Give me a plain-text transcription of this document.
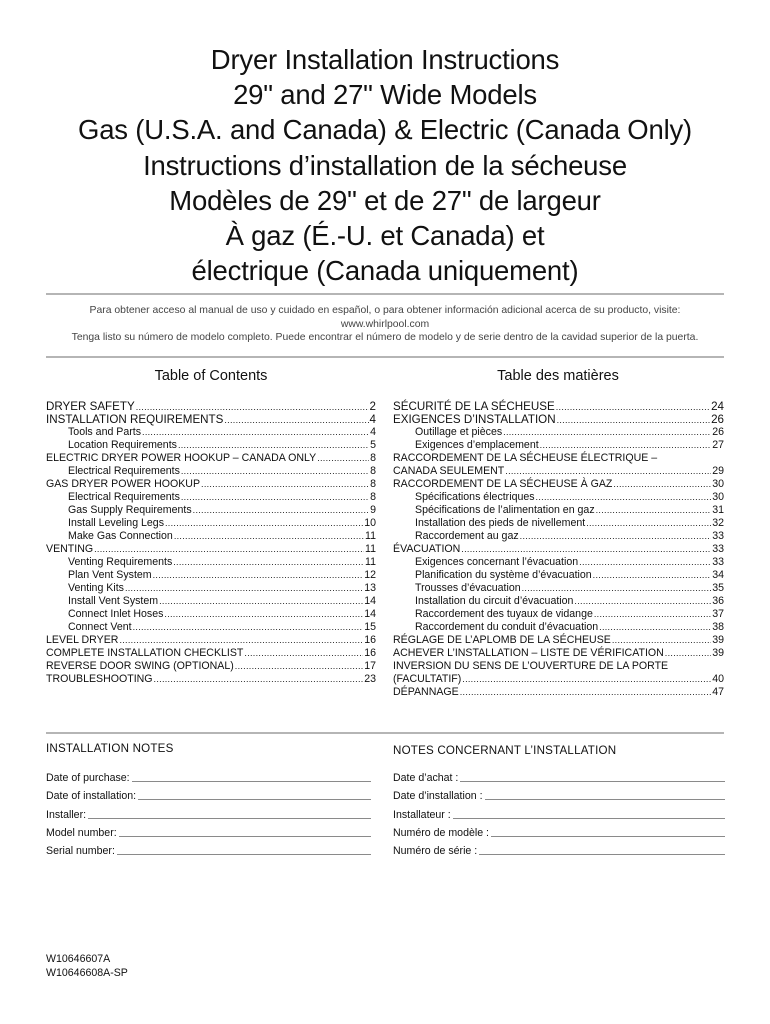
Dryer Installation Instructions
29" and 27" Wide Models
Gas (U.S.A. and Canada) & Electric (Canada Only)
Instructions d’installation de la sécheuse
Modèles de 29" et de 27" de largeur
À gaz (É.-U. et Canada) et
électrique (Canada uniquement)
Para obtener acceso al manual de uso y cuidado en español, o para obtener información adicional acerca de su producto, visite:
www.whirlpool.com
Tenga listo su número de modelo completo. Puede encontrar el número de modelo y de serie dentro de la cavidad superior de la puerta.
Table of Contents	Table des matières
DRYER SAFETY .....	2
INSTALLATION REQUIREMENTS .....	4
Tools and Parts .....	4
Location Requirements .....	5
ELECTRIC DRYER POWER HOOKUP – CANADA ONLY .....	8
Electrical Requirements .....	8
GAS DRYER POWER HOOKUP .....	8
Electrical Requirements .....	8
Gas Supply Requirements .....	9
Install Leveling Legs .....	10
Make Gas Connection .....	11
VENTING .....	11
Venting Requirements .....	11
Plan Vent System .....	12
Venting Kits .....	13
Install Vent System .....	14
Connect Inlet Hoses .....	14
Connect Vent .....	15
LEVEL DRYER .....	16
COMPLETE INSTALLATION CHECKLIST .....	16
REVERSE DOOR SWING (OPTIONAL) .....	17
TROUBLESHOOTING .....	23
SÉCURITÉ DE LA SÉCHEUSE .....	24
EXIGENCES D’INSTALLATION .....	26
Outillage et pièces .....	26
Exigences d’emplacement .....	27
RACCORDEMENT DE LA SÉCHEUSE ÉLECTRIQUE –
CANADA SEULEMENT .....	29
RACCORDEMENT DE LA SÉCHEUSE À GAZ .....	30
Spécifications électriques .....	30
Spécifications de l’alimentation en gaz .....	31
Installation des pieds de nivellement .....	32
Raccordement au gaz .....	33
ÉVACUATION .....	33
Exigences concernant l’évacuation .....	33
Planification du système d’évacuation .....	34
Trousses d’évacuation .....	35
Installation du circuit d’évacuation .....	36
Raccordement des tuyaux de vidange .....	37
Raccordement du conduit d’évacuation .....	38
RÉGLAGE DE L’APLOMB DE LA SÉCHEUSE .....	39
ACHEVER L’INSTALLATION – LISTE DE VÉRIFICATION .....	39
INVERSION DU SENS DE L’OUVERTURE DE LA PORTE
(FACULTATIF) .....	40
DÉPANNAGE .....	47
INSTALLATION NOTES	NOTES CONCERNANT L’INSTALLATION
Date of purchase:
Date of installation:
Installer:
Model number:
Serial number:
Date d’achat :
Date d’installation :
Installateur :
Numéro de modèle :
Numéro de série :
W10646607A
W10646608A-SP
